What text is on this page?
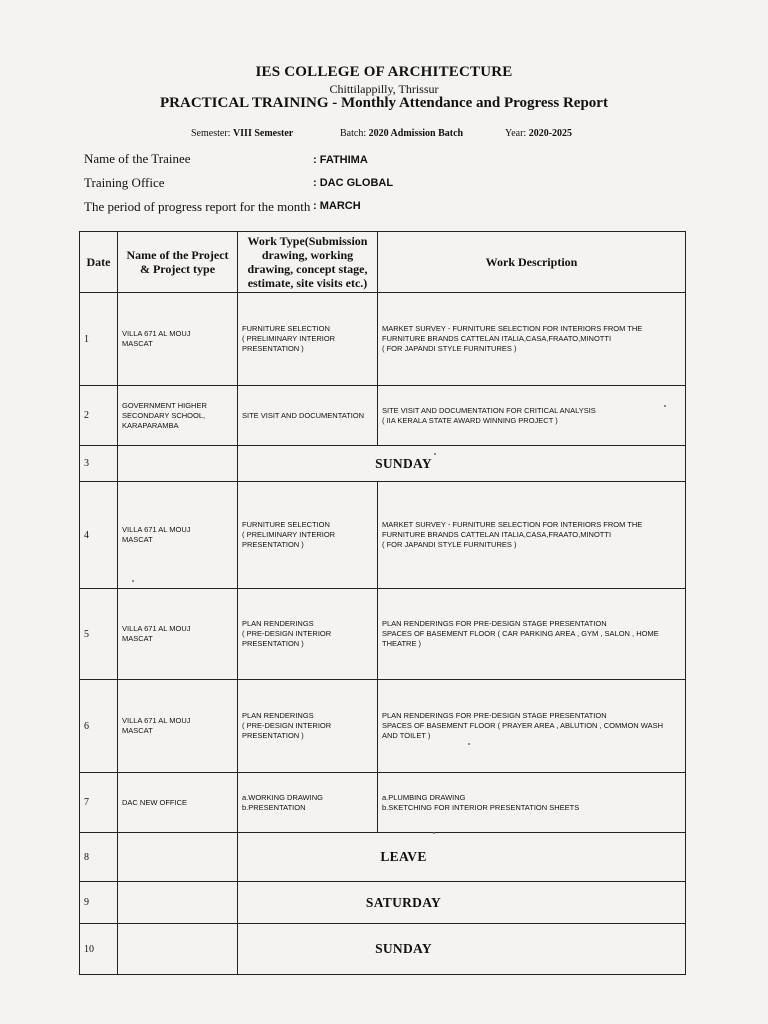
IES COLLEGE OF ARCHITECTURE
Chittilappilly, Thrissur
PRACTICAL TRAINING - Monthly Attendance and Progress Report
Semester: VIII Semester	Batch: 2020 Admission Batch	Year: 2020-2025
Name of the Trainee	: FATHIMA
Training Office	: DAC GLOBAL
The period of progress report for the month : MARCH
Date	Name of the Project & Project type	Work Type(Submission drawing, working drawing, concept stage, estimate, site visits etc.)	Work Description
1	VILLA 671 AL MOUJ
MASCAT	FURNITURE SELECTION
( PRELIMINARY INTERIOR
PRESENTATION )	MARKET SURVEY - FURNITURE SELECTION FOR INTERIORS FROM THE
FURNITURE BRANDS CATTELAN ITALIA,CASA,FRAATO,MINOTTI
( FOR JAPANDI STYLE FURNITURES )
2	GOVERNMENT HIGHER
SECONDARY SCHOOL,
KARAPARAMBA	SITE VISIT AND DOCUMENTATION	SITE VISIT AND DOCUMENTATION FOR CRITICAL ANALYSIS
( IIA KERALA STATE AWARD WINNING PROJECT )
3		SUNDAY	
4	VILLA 671 AL MOUJ
MASCAT	FURNITURE SELECTION
( PRELIMINARY INTERIOR
PRESENTATION )	MARKET SURVEY - FURNITURE SELECTION FOR INTERIORS FROM THE
FURNITURE BRANDS CATTELAN ITALIA,CASA,FRAATO,MINOTTI
( FOR JAPANDI STYLE FURNITURES )
5	VILLA 671 AL MOUJ
MASCAT	PLAN RENDERINGS
( PRE-DESIGN INTERIOR
PRESENTATION )	PLAN RENDERINGS FOR PRE-DESIGN STAGE PRESENTATION
SPACES OF BASEMENT FLOOR ( CAR PARKING AREA , GYM , SALON , HOME
THEATRE )
6	VILLA 671 AL MOUJ
MASCAT	PLAN RENDERINGS
( PRE-DESIGN INTERIOR
PRESENTATION )	PLAN RENDERINGS FOR PRE-DESIGN STAGE PRESENTATION
SPACES OF BASEMENT FLOOR ( PRAYER AREA , ABLUTION , COMMON WASH
AND TOILET )
7	DAC NEW OFFICE	a.WORKING DRAWING
b.PRESENTATION	a.PLUMBING DRAWING
b.SKETCHING FOR INTERIOR PRESENTATION SHEETS
8		LEAVE	
9		SATURDAY	
10		SUNDAY	
